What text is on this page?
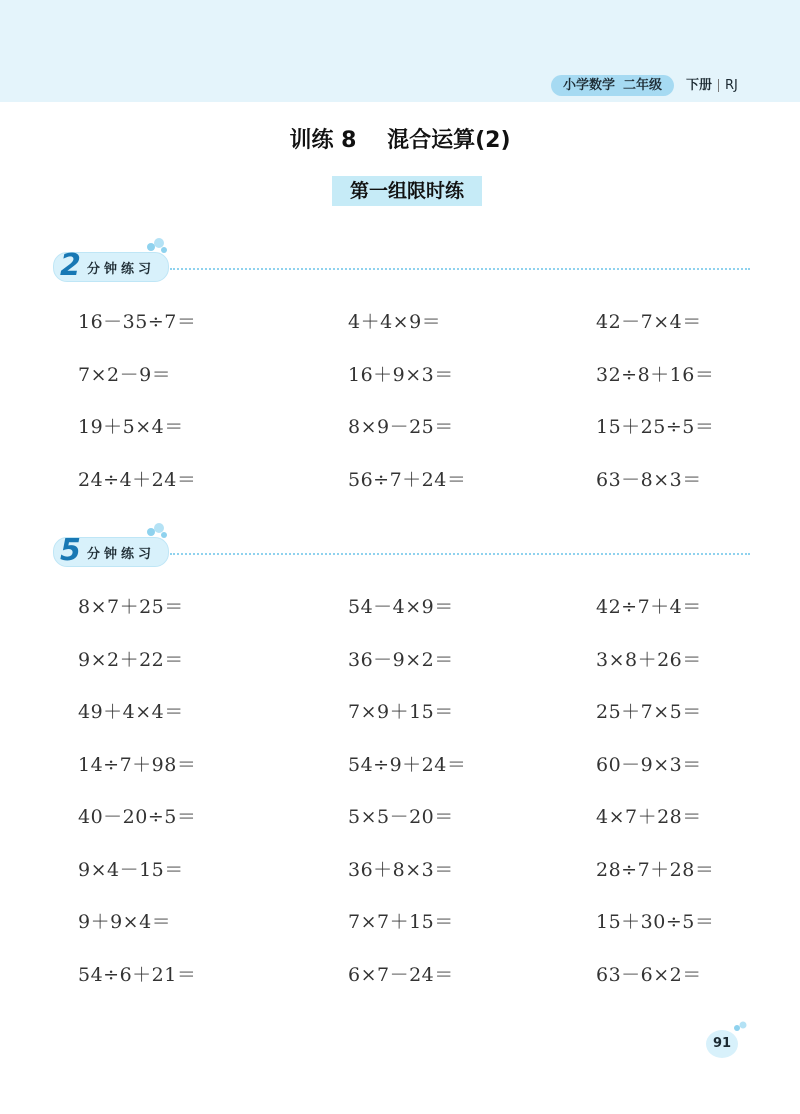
小学数学 二年级 下册 RJ
训练 8    混合运算(2)
第一组限时练
2 分钟练习
16－35÷7＝	4＋4×9＝	42－7×4＝
7×2－9＝	16＋9×3＝	32÷8＋16＝
19＋5×4＝	8×9－25＝	15＋25÷5＝
24÷4＋24＝	56÷7＋24＝	63－8×3＝
5 分钟练习
8×7＋25＝	54－4×9＝	42÷7＋4＝
9×2＋22＝	36－9×2＝	3×8＋26＝
49＋4×4＝	7×9＋15＝	25＋7×5＝
14÷7＋98＝	54÷9＋24＝	60－9×3＝
40－20÷5＝	5×5－20＝	4×7＋28＝
9×4－15＝	36＋8×3＝	28÷7＋28＝
9＋9×4＝	7×7＋15＝	15＋30÷5＝
54÷6＋21＝	6×7－24＝	63－6×2＝
91
